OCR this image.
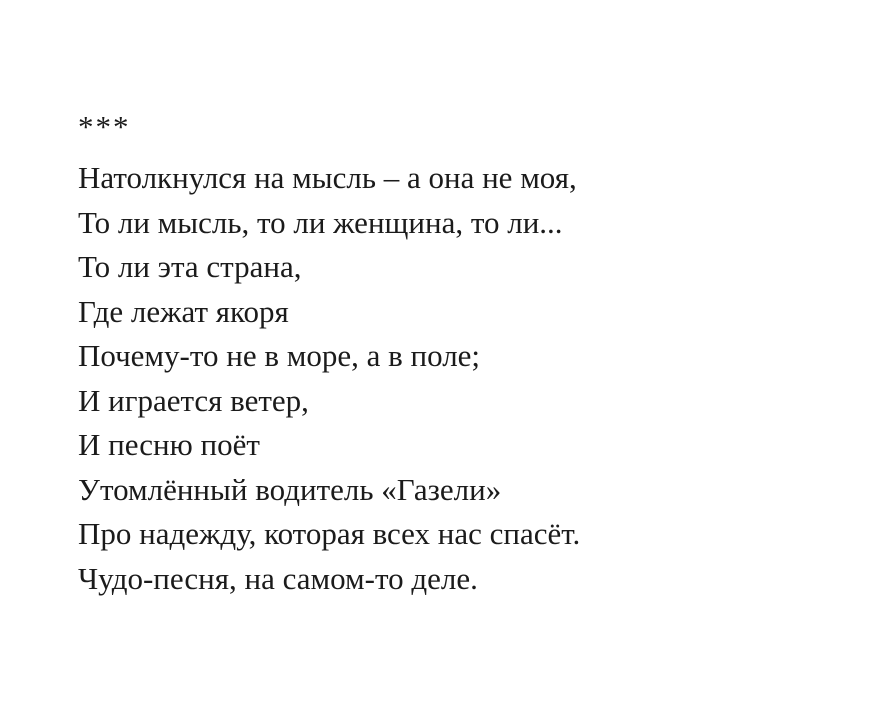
***
Натолкнулся на мысль – а она не моя,
То ли мысль, то ли женщина, то ли...
То ли эта страна,
Где лежат якоря
Почему-то не в море, а в поле;
И играется ветер,
И песню поёт
Утомлённый водитель «Газели»
Про надежду, которая всех нас спасёт.
Чудо-песня, на самом-то деле.
